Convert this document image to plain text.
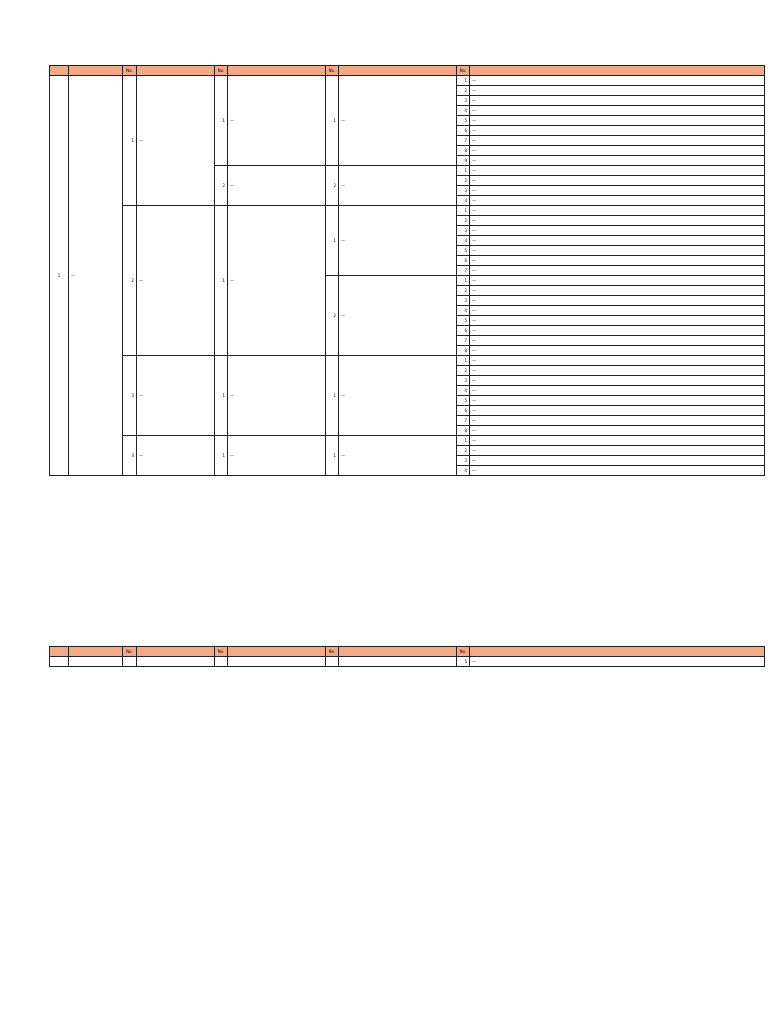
		No.		No.		No.		No.	
1	—	1	—	1	—	1	—	1	—
								2	—
								3	—
								4	—
								5	—
								6	—
								7	—
								8	—
								9	—
				2	—	2	—	1	—
								2	—
								3	—
								4	—
		2	—	1	—	1	—	1	—
								2	—
								3	—
								4	—
								5	—
								6	—
								7	—
						2	—	1	—
								2	—
								3	—
								4	—
								5	—
								6	—
								7	—
								8	—
		3	—	1	—	1	—	1	—
								2	—
								3	—
								4	—
								5	—
								6	—
								7	—
								8	—
		4	—	1	—	1	—	1	—
								2	—
								3	—
								4	—
		No.		No.		No.		No.	
								5	—
